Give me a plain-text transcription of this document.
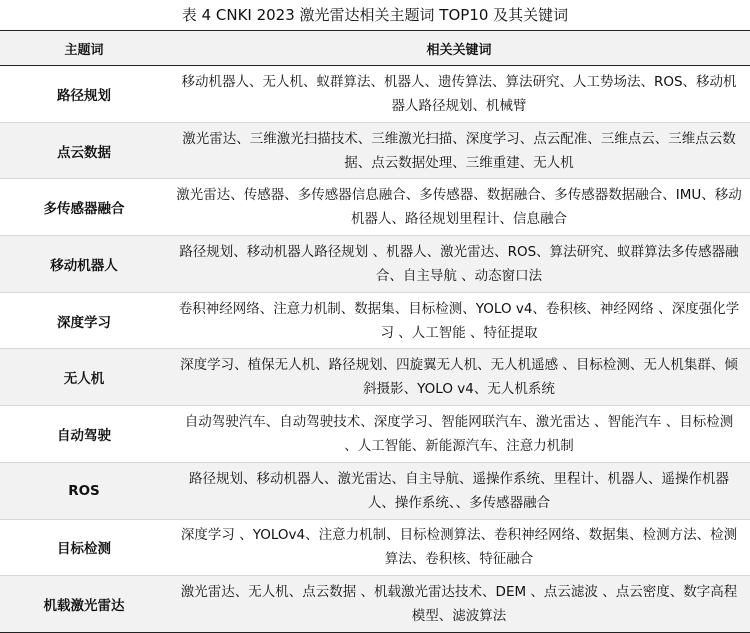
表 4 CNKI 2023 激光雷达相关主题词 TOP10 及其关键词
主题词	相关关键词
路径规划	移动机器人、无人机、蚁群算法、机器人、遗传算法、算法研究、人工势场法、ROS、移动机器人路径规划、机械臂
点云数据	激光雷达、三维激光扫描技术、三维激光扫描、深度学习、点云配准、三维点云、三维点云数据、点云数据处理、三维重建、无人机
多传感器融合	激光雷达、传感器、多传感器信息融合、多传感器、数据融合、多传感器数据融合、IMU、移动机器人、路径规划里程计、信息融合
移动机器人	路径规划、移动机器人路径规划 、机器人、激光雷达、ROS、算法研究、蚁群算法多传感器融合、自主导航 、动态窗口法
深度学习	卷积神经网络、注意力机制、数据集、目标检测、YOLO v4、卷积核、神经网络 、深度强化学习 、人工智能 、特征提取
无人机	深度学习、植保无人机、路径规划、四旋翼无人机、无人机遥感 、目标检测、无人机集群、倾斜摄影、YOLO v4、无人机系统
自动驾驶	自动驾驶汽车、自动驾驶技术、深度学习、智能网联汽车、激光雷达 、智能汽车 、目标检测 、人工智能、新能源汽车、注意力机制
ROS	路径规划、移动机器人、激光雷达、自主导航、遥操作系统、里程计、机器人、遥操作机器人、操作系统、、多传感器融合
目标检测	深度学习 、YOLOv4、注意力机制、目标检测算法、卷积神经网络、数据集、检测方法、检测算法、卷积核、特征融合
机载激光雷达	激光雷达、无人机、点云数据 、机载激光雷达技术、DEM 、点云滤波 、点云密度、数字高程模型、滤波算法
